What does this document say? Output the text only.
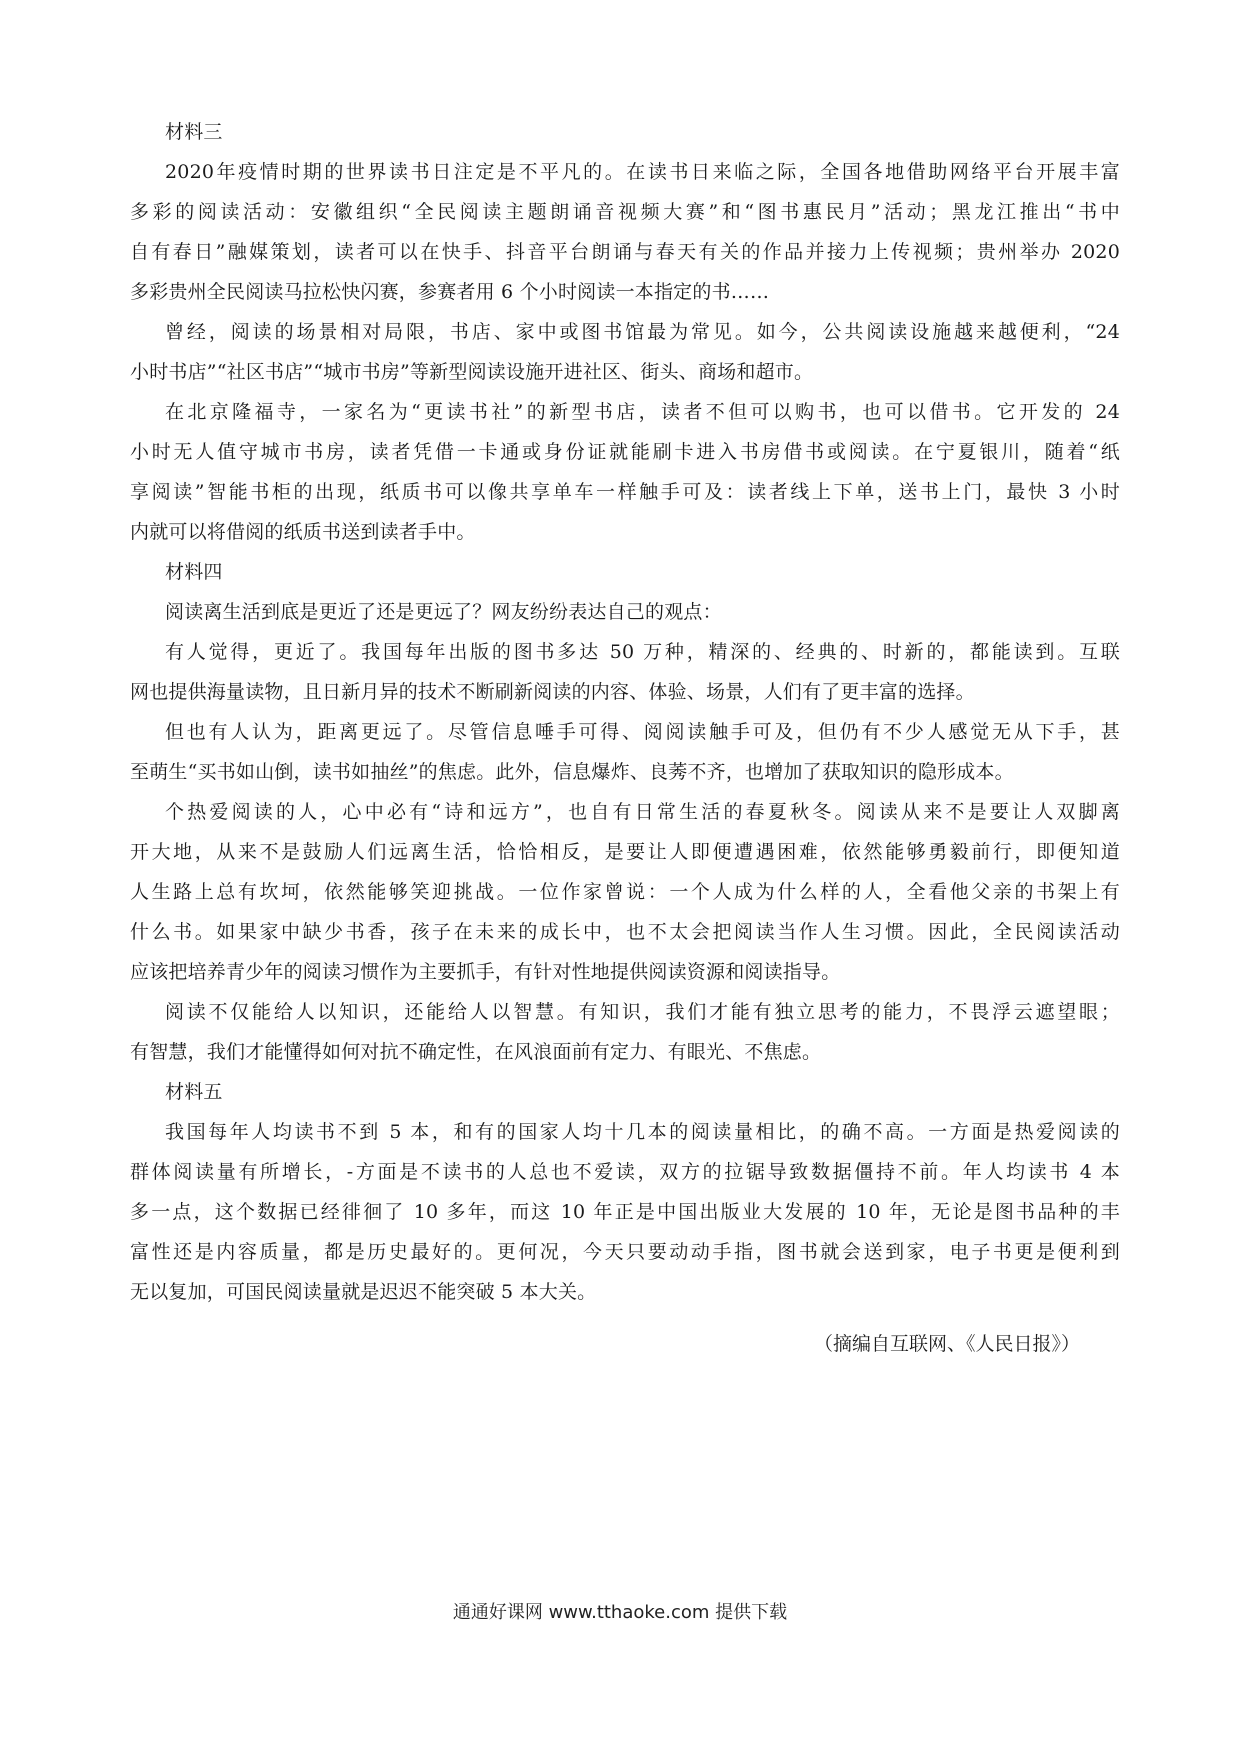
材料三
2020年疫情时期的世界读书日注定是不平凡的。在读书日来临之际，全国各地借助网络平台开展丰富
多彩的阅读活动：安徽组织“全民阅读主题朗诵音视频大赛”和“图书惠民月”活动；黑龙江推出“书中
自有春日”融媒策划，读者可以在快手、抖音平台朗诵与春天有关的作品并接力上传视频；贵州举办 2020
多彩贵州全民阅读马拉松快闪赛，参赛者用 6 个小时阅读一本指定的书……
曾经，阅读的场景相对局限，书店、家中或图书馆最为常见。如今，公共阅读设施越来越便利，“24
小时书店”“社区书店”“城市书房”等新型阅读设施开进社区、街头、商场和超市。
在北京隆福寺，一家名为“更读书社”的新型书店，读者不但可以购书，也可以借书。它开发的 24
小时无人值守城市书房，读者凭借一卡通或身份证就能刷卡进入书房借书或阅读。在宁夏银川，随着“纸
享阅读”智能书柜的出现，纸质书可以像共享单车一样触手可及：读者线上下单，送书上门，最快 3 小时
内就可以将借阅的纸质书送到读者手中。
材料四
阅读离生活到底是更近了还是更远了？网友纷纷表达自己的观点：
有人觉得，更近了。我国每年出版的图书多达 50 万种，精深的、经典的、时新的，都能读到。互联
网也提供海量读物，且日新月异的技术不断刷新阅读的内容、体验、场景，人们有了更丰富的选择。
但也有人认为，距离更远了。尽管信息唾手可得、阅阅读触手可及，但仍有不少人感觉无从下手，甚
至萌生“买书如山倒，读书如抽丝”的焦虑。此外，信息爆炸、良莠不齐，也增加了获取知识的隐形成本。
个热爱阅读的人，心中必有“诗和远方”，也自有日常生活的春夏秋冬。阅读从来不是要让人双脚离
开大地，从来不是鼓励人们远离生活，恰恰相反，是要让人即便遭遇困难，依然能够勇毅前行，即便知道
人生路上总有坎坷，依然能够笑迎挑战。一位作家曾说：一个人成为什么样的人，全看他父亲的书架上有
什么书。如果家中缺少书香，孩子在未来的成长中，也不太会把阅读当作人生习惯。因此，全民阅读活动
应该把培养青少年的阅读习惯作为主要抓手，有针对性地提供阅读资源和阅读指导。
阅读不仅能给人以知识，还能给人以智慧。有知识，我们才能有独立思考的能力，不畏浮云遮望眼；
有智慧，我们才能懂得如何对抗不确定性，在风浪面前有定力、有眼光、不焦虑。
材料五
我国每年人均读书不到 5 本，和有的国家人均十几本的阅读量相比，的确不高。一方面是热爱阅读的
群体阅读量有所增长，-方面是不读书的人总也不爱读，双方的拉锯导致数据僵持不前。年人均读书 4 本
多一点，这个数据已经徘徊了 10 多年，而这 10 年正是中国出版业大发展的 10 年，无论是图书品种的丰
富性还是内容质量，都是历史最好的。更何况，今天只要动动手指，图书就会送到家，电子书更是便利到
无以复加，可国民阅读量就是迟迟不能突破 5 本大关。
（摘编自互联网、《人民日报》）
通通好课网 www.tthaoke.com 提供下载
